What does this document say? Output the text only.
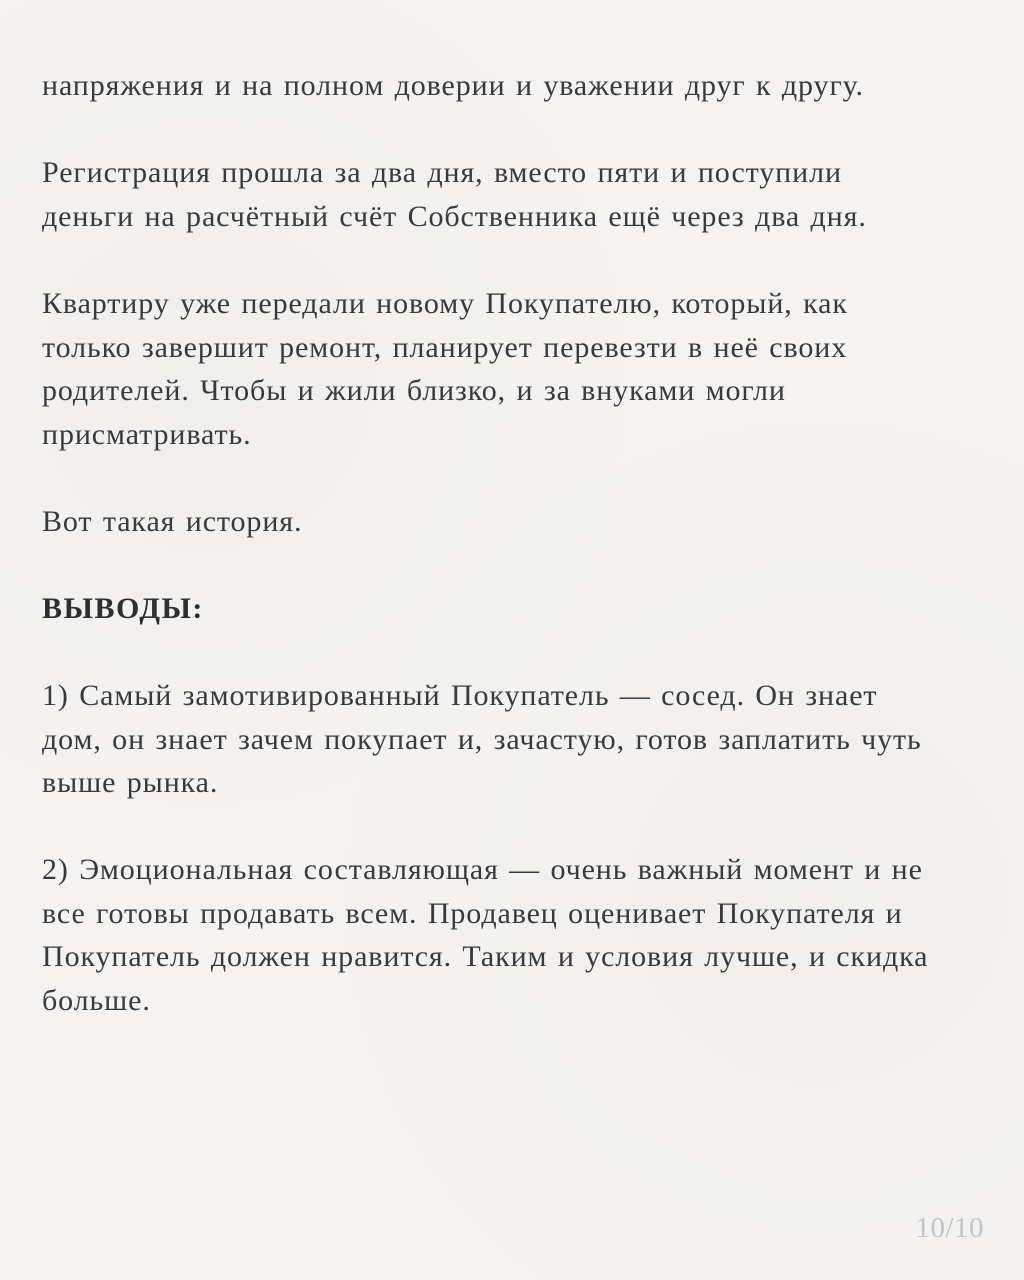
напряжения и на полном доверии и уважении друг к другу.

Регистрация прошла за два дня, вместо пяти и поступили
деньги на расчётный счёт Собственника ещё через два дня.

Квартиру уже передали новому Покупателю, который, как
только завершит ремонт, планирует перевезти в неё своих
родителей. Чтобы и жили близко, и за внуками могли
присматривать.

Вот такая история.

ВЫВОДЫ:

1) Самый замотивированный Покупатель — сосед. Он знает
дом, он знает зачем покупает и, зачастую, готов заплатить чуть
выше рынка.

2) Эмоциональная составляющая — очень важный момент и не
все готовы продавать всем. Продавец оценивает Покупателя и
Покупатель должен нравится. Таким и условия лучше, и скидка
больше.

10/10
